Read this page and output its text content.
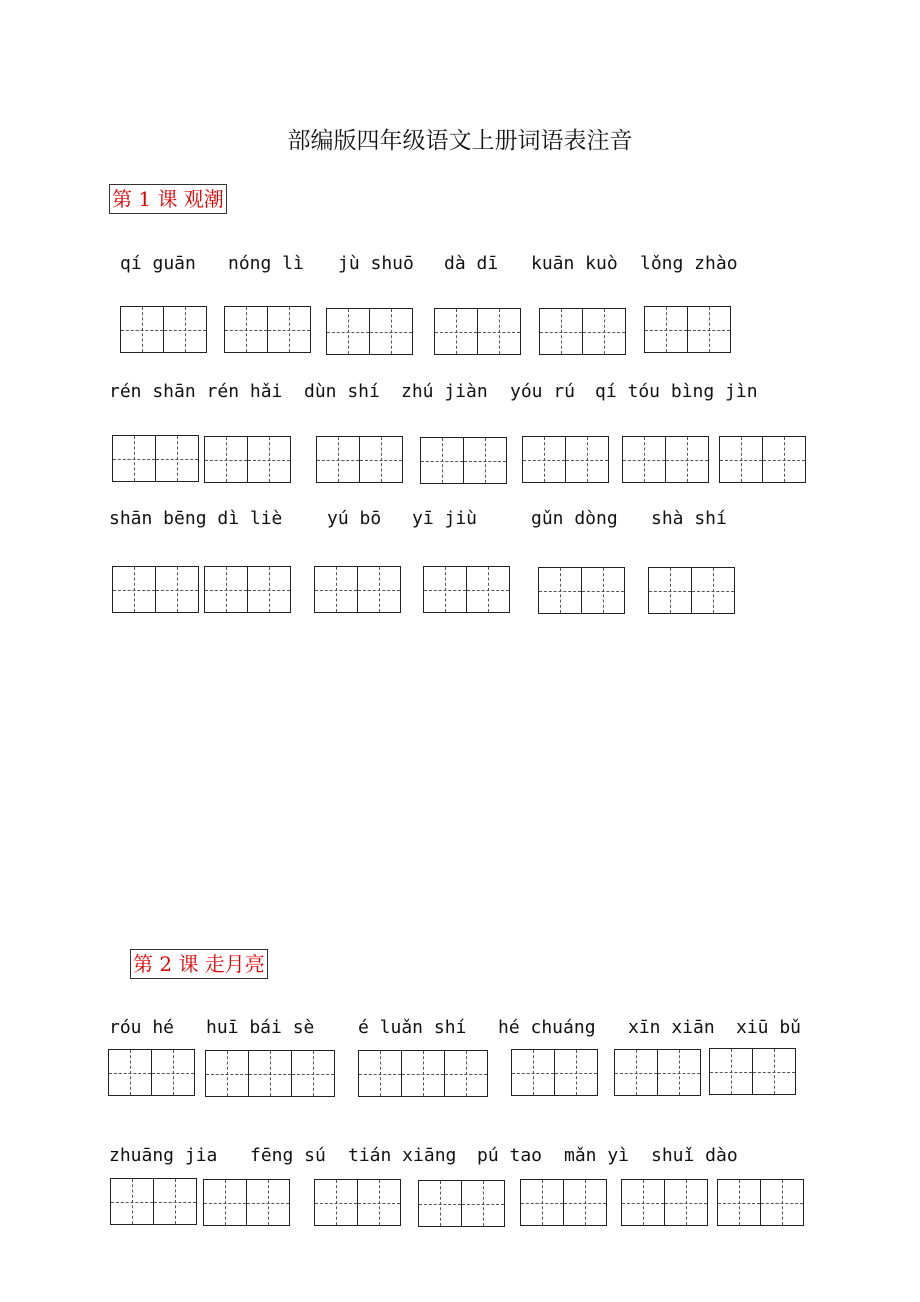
部编版四年级语文上册词语表注音
第 1 课 观潮
qí guān nóng lì jù shuō dà dī kuān kuò lǒng zhào
rén shān rén hǎi dùn shí zhú jiàn yóu rú qí tóu bìng jìn
shān bēng dì liè yú bō yī jiù	gǔn dòng shà shí
第 2 课 走月亮
róu hé huī bái sè é luǎn shí hé chuáng xīn xiān xiū bǔ
zhuāng jia fēng sú tián xiāng pú tao mǎn yì shuǐ dào
